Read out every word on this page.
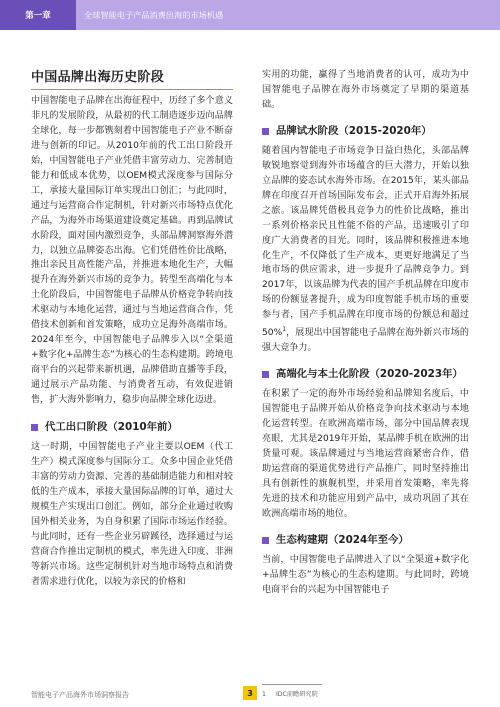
第一章	全球智能电子产品消费出海的市场机遇
中国品牌出海历史阶段

中国智能电子品牌在出海征程中，历经了多个意义非凡的发展阶段，从最初的代工制造逐步迈向品牌全球化，每一步都镌刻着中国智能电子产业不断奋进与创新的印记。从2010年前的代工出口阶段开始，中国智能电子产业凭借丰富劳动力、完善制造能力和低成本优势，以OEM模式深度参与国际分工，承接大量国际订单实现出口创汇；与此同时，通过与运营商合作定制机，针对新兴市场特点优化产品，为海外市场渠道建设奠定基础。再到品牌试水阶段，面对国内激烈竞争，头部品牌洞察海外潜力，以独立品牌姿态出海。它们凭借性价比战略，推出亲民且高性能产品，并推进本地化生产，大幅提升在海外新兴市场的竞争力。转型至高端化与本土化阶段后，中国智能电子品牌从价格竞争转向技术驱动与本地化运营，通过与当地运营商合作，凭借技术创新和首发策略，成功立足海外高端市场。2024年至今，中国智能电子品牌步入以“全渠道+数字化+品牌生态”为核心的生态构建期。跨境电商平台的兴起带来新机遇，品牌借助直播等手段，通过展示产品功能、与消费者互动，有效促进销售，扩大海外影响力，稳步向品牌全球化迈进。

代工出口阶段（2010年前）

这一时期，中国智能电子产业主要以OEM（代工生产）模式深度参与国际分工。众多中国企业凭借丰富的劳动力资源、完善的基础制造能力和相对较低的生产成本，承接大量国际品牌的订单，通过大规模生产实现出口创汇。例如，部分企业通过收购国外相关业务，为自身积累了国际市场运作经验。与此同时，还有一些企业另辟蹊径，选择通过与运营商合作推出定制机的模式，率先进入印度、非洲等新兴市场。这些定制机针对当地市场特点和消费者需求进行优化，以较为亲民的价格和

实用的功能，赢得了当地消费者的认可，成功为中国智能电子品牌在海外市场奠定了早期的渠道基础。

品牌试水阶段（2015-2020年）

随着国内智能电子市场竞争日益白热化，头部品牌敏锐地察觉到海外市场蕴含的巨大潜力，开始以独立品牌的姿态试水海外市场。在2015年，某头部品牌在印度召开首场国际发布会，正式开启海外拓展之旅。该品牌凭借极具竞争力的性价比战略，推出一系列价格亲民且性能不俗的产品，迅速吸引了印度广大消费者的目光。同时，该品牌积极推进本地化生产，不仅降低了生产成本，更更好地满足了当地市场的供应需求，进一步提升了品牌竞争力。到 2017年，以该品牌为代表的国产手机品牌在印度市场的份额显著提升，成为印度智能手机市场的重要参与者，国产手机品牌在印度市场的份额总和超过50%$^1$，展现出中国智能电子品牌在海外新兴市场的强大竞争力。

高端化与本土化阶段（2020-2023年）

在积累了一定的海外市场经验和品牌知名度后，中国智能电子品牌开始从价格竞争向技术驱动与本地化运营转型。在欧洲高端市场，部分中国品牌表现亮眼，尤其是2019年开始，某品牌手机在欧洲的出货量可观。该品牌通过与当地运营商紧密合作，借助运营商的渠道优势进行产品推广，同时坚持推出具有创新性的旗舰机型，并采用首发策略，率先将先进的技术和功能应用到产品中，成功巩固了其在欧洲高端市场的地位。

生态构建期（2024年至今）

当前，中国智能电子品牌进入了以“全渠道+数字化+品牌生态”为核心的生态构建期。与此同时，跨境电商平台的兴起为中国智能电子

1 IDC前瞻研究院
智能电子产品海外市场洞察报告	3
